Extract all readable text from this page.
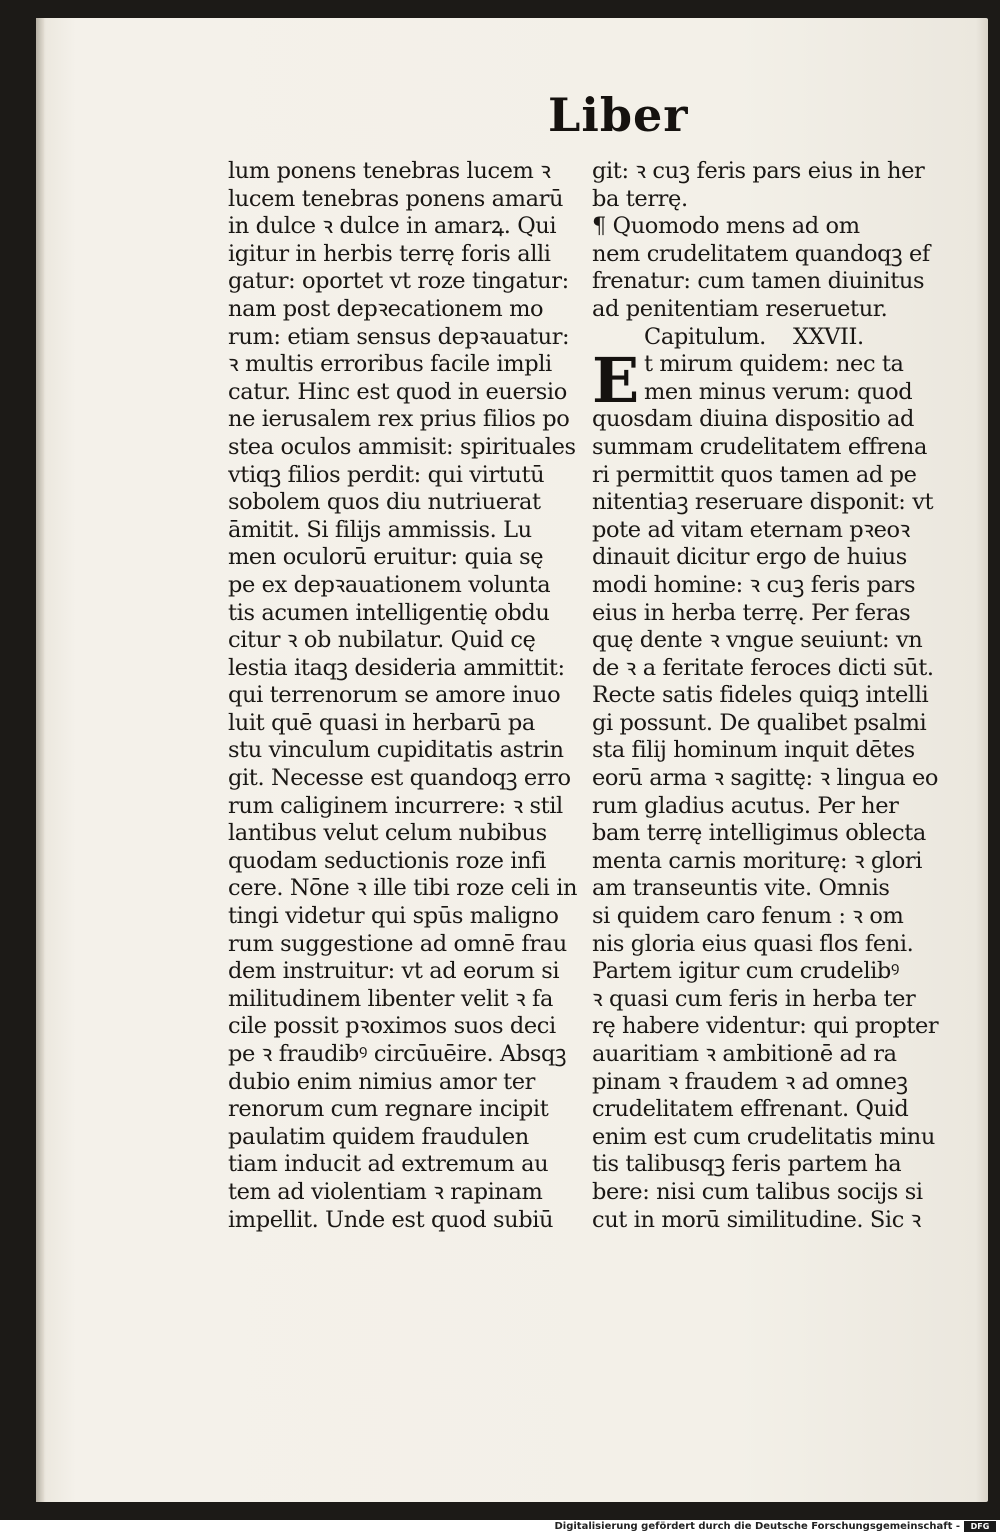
Liber
lum ponens tenebras lucem ꝛ
lucem tenebras ponens amarū
in dulce ꝛ dulce in amarꝝ. Qui
igitur in herbis terrę foris alli
gatur: oportet vt roze tingatur:
nam post depꝛecationem mo
rum: etiam sensus depꝛauatur:
ꝛ multis erroribus facile impli
catur. Hinc est quod in euersio
ne ierusalem rex prius filios po
stea oculos ammisit: spirituales
vtiqꝫ filios perdit: qui virtutū
sobolem quos diu nutriuerat
āmitit. Si filijs ammissis. Lu
men oculorū eruitur: quia sę
pe ex depꝛauationem volunta
tis acumen intelligentię obdu
citur ꝛ ob nubilatur. Quid cę
lestia itaqꝫ desideria ammittit:
qui terrenorum se amore inuo
luit quē quasi in herbarū pa
stu vinculum cupiditatis astrin
git. Necesse est quandoqꝫ erro
rum caliginem incurrere: ꝛ stil
lantibus velut celum nubibus
quodam seductionis roze infi
cere. Nōne ꝛ ille tibi roze celi in
tingi videtur qui spūs maligno
rum suggestione ad omnē frau
dem instruitur: vt ad eorum si
militudinem libenter velit ꝛ fa
cile possit pꝛoximos suos deci
pe ꝛ fraudibꝰ circūuēire. Absqꝫ
dubio enim nimius amor ter
renorum cum regnare incipit
paulatim quidem fraudulen
tiam inducit ad extremum au
tem ad violentiam ꝛ rapinam
impellit. Unde est quod subiū
git: ꝛ cuꝫ feris pars eius in her
ba terrę.
¶ Quomodo mens ad om
nem crudelitatem quandoqꝫ ef
frenatur: cum tamen diuinitus
ad penitentiam reseruetur.
Capitulum.    XXVII.
E t mirum quidem: nec ta
men minus verum: quod
quosdam diuina dispositio ad
summam crudelitatem effrena
ri permittit quos tamen ad pe
nitentiaꝫ reseruare disponit: vt
pote ad vitam eternam pꝛeoꝛ
dinauit dicitur ergo de huius
modi homine: ꝛ cuꝫ feris pars
eius in herba terrę. Per feras
quę dente ꝛ vngue seuiunt: vn
de ꝛ a feritate feroces dicti sūt.
Recte satis fideles quiqꝫ intelli
gi possunt. De qualibet psalmi
sta filij hominum inquit dētes
eorū arma ꝛ sagittę: ꝛ lingua eo
rum gladius acutus. Per her
bam terrę intelligimus oblecta
menta carnis moriturę: ꝛ glori
am transeuntis vite. Omnis
si quidem caro fenum : ꝛ om
nis gloria eius quasi flos feni.
Partem igitur cum crudelibꝰ
ꝛ quasi cum feris in herba ter
rę habere videntur: qui propter
auaritiam ꝛ ambitionē ad ra
pinam ꝛ fraudem ꝛ ad omneꝫ
crudelitatem effrenant. Quid
enim est cum crudelitatis minu
tis talibusqꝫ feris partem ha
bere: nisi cum talibus socijs si
cut in morū similitudine. Sic ꝛ
Digitalisierung gefördert durch die Deutsche Forschungsgemeinschaft -	DFG
